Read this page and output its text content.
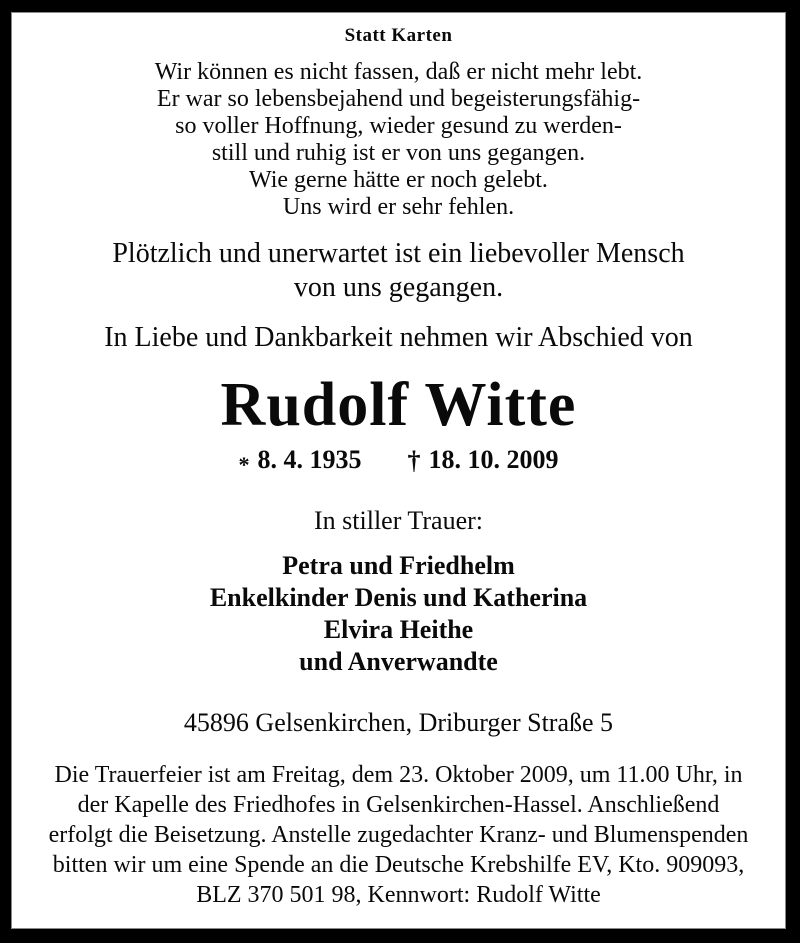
Statt Karten
Wir können es nicht fassen, daß er nicht mehr lebt.
Er war so lebensbejahend und begeisterungsfähig-
so voller Hoffnung, wieder gesund zu werden-
still und ruhig ist er von uns gegangen.
Wie gerne hätte er noch gelebt.
Uns wird er sehr fehlen.
Plötzlich und unerwartet ist ein liebevoller Mensch
von uns gegangen.
In Liebe und Dankbarkeit nehmen wir Abschied von
Rudolf Witte
* 8. 4. 1935 † 18. 10. 2009
In stiller Trauer:
Petra und Friedhelm
Enkelkinder Denis und Katherina
Elvira Heithe
und Anverwandte
45896 Gelsenkirchen, Driburger Straße 5
Die Trauerfeier ist am Freitag, dem 23. Oktober 2009, um 11.00 Uhr, in
der Kapelle des Friedhofes in Gelsenkirchen-Hassel. Anschließend
erfolgt die Beisetzung. Anstelle zugedachter Kranz- und Blumenspenden
bitten wir um eine Spende an die Deutsche Krebshilfe EV, Kto. 909093,
BLZ 370 501 98, Kennwort: Rudolf Witte
